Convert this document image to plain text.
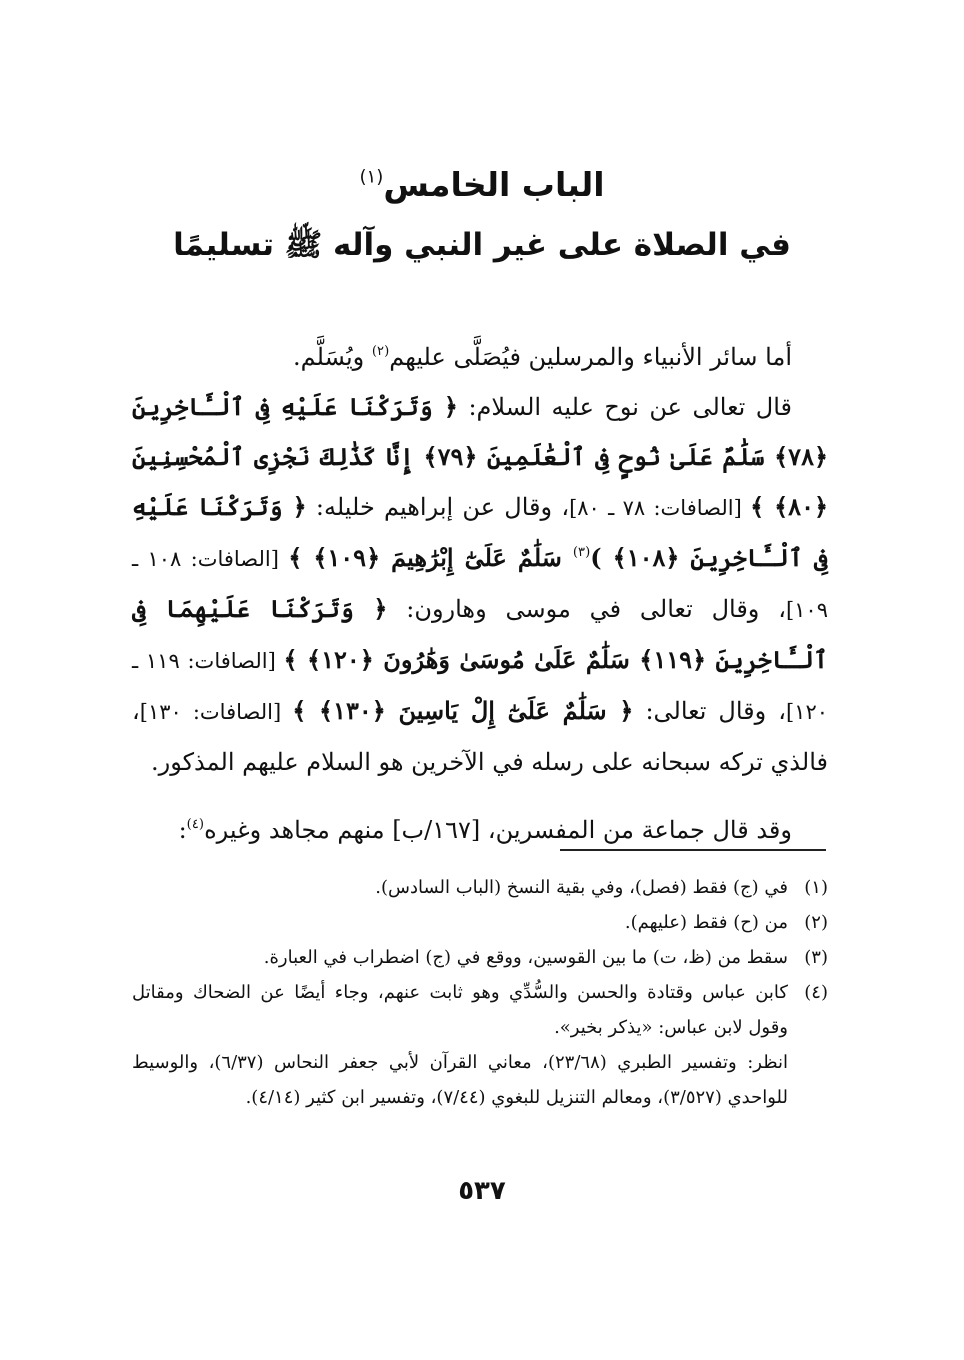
الباب الخامس$^{(١)}$
في الصلاة على غير النبي وآله ﷺ تسليمًا

أما سائر الأنبياء والمرسلين فيُصَلَّى عليهم$^{(٢)}$ ويُسَلَّم.

قال تعالى عن نوح عليه السلام: ﴿ وَتَرَكْنَا عَلَيْهِ فِى ٱلْـَٔاخِرِينَ ﴿٧٨﴾ سَلَٰمٌ عَلَىٰ نُوحٍ فِى ٱلْعَٰلَمِينَ ﴿٧٩﴾ إِنَّا كَذَٰلِكَ نَجْزِى ٱلْمُحْسِنِينَ ﴿٨٠﴾ ﴾ [الصافات: ٧٨ ـ ٨٠]، وقال عن إبراهيم خليله: ﴿ وَتَرَكْنَا عَلَيْهِ فِى ٱلْـَٔاخِرِينَ ﴿١٠٨﴾ )$^{(٣)}$ سَلَٰمٌ عَلَىٰٓ إِبْرَٰهِيمَ ﴿١٠٩﴾ ﴾ [الصافات: ١٠٨ ـ ١٠٩]، وقال تعالى في موسى وهارون: ﴿ وَتَرَكْنَا عَلَيْهِمَا فِى ٱلْـَٔاخِرِينَ ﴿١١٩﴾ سَلَٰمٌ عَلَىٰ مُوسَىٰ وَهَٰرُونَ ﴿١٢٠﴾ ﴾ [الصافات: ١١٩ ـ ١٢٠]، وقال تعالى: ﴿ سَلَٰمٌ عَلَىٰٓ إِلْ يَاسِينَ ﴿١٣٠﴾ ﴾ [الصافات: ١٣٠]، فالذي تركه سبحانه على رسله في الآخرين هو السلام عليهم المذكور.

وقد قال جماعة من المفسرين، [١٦٧/ب] منهم مجاهد وغيره$^{(٤)}$:

(١)
في (ج) فقط (فصل)، وفي بقية النسخ (الباب السادس).
(٢)
من (ح) فقط (عليهم).
(٣)
سقط من (ظ، ت) ما بين القوسين، ووقع في (ج) اضطراب في العبارة.
(٤)
كابن عباس وقتادة والحسن والسُّدِّي وهو ثابت عنهم، وجاء أيضًا عن الضحاك ومقاتل وقول لابن عباس: «يذكر بخير».
انظر: وتفسير الطبري (٢٣/٦٨)، معاني القرآن لأبي جعفر النحاس (٦/٣٧)، والوسيط للواحدي (٣/٥٢٧)، ومعالم التنزيل للبغوي (٧/٤٤)، وتفسير ابن كثير (٤/١٤).
٥٣٧
